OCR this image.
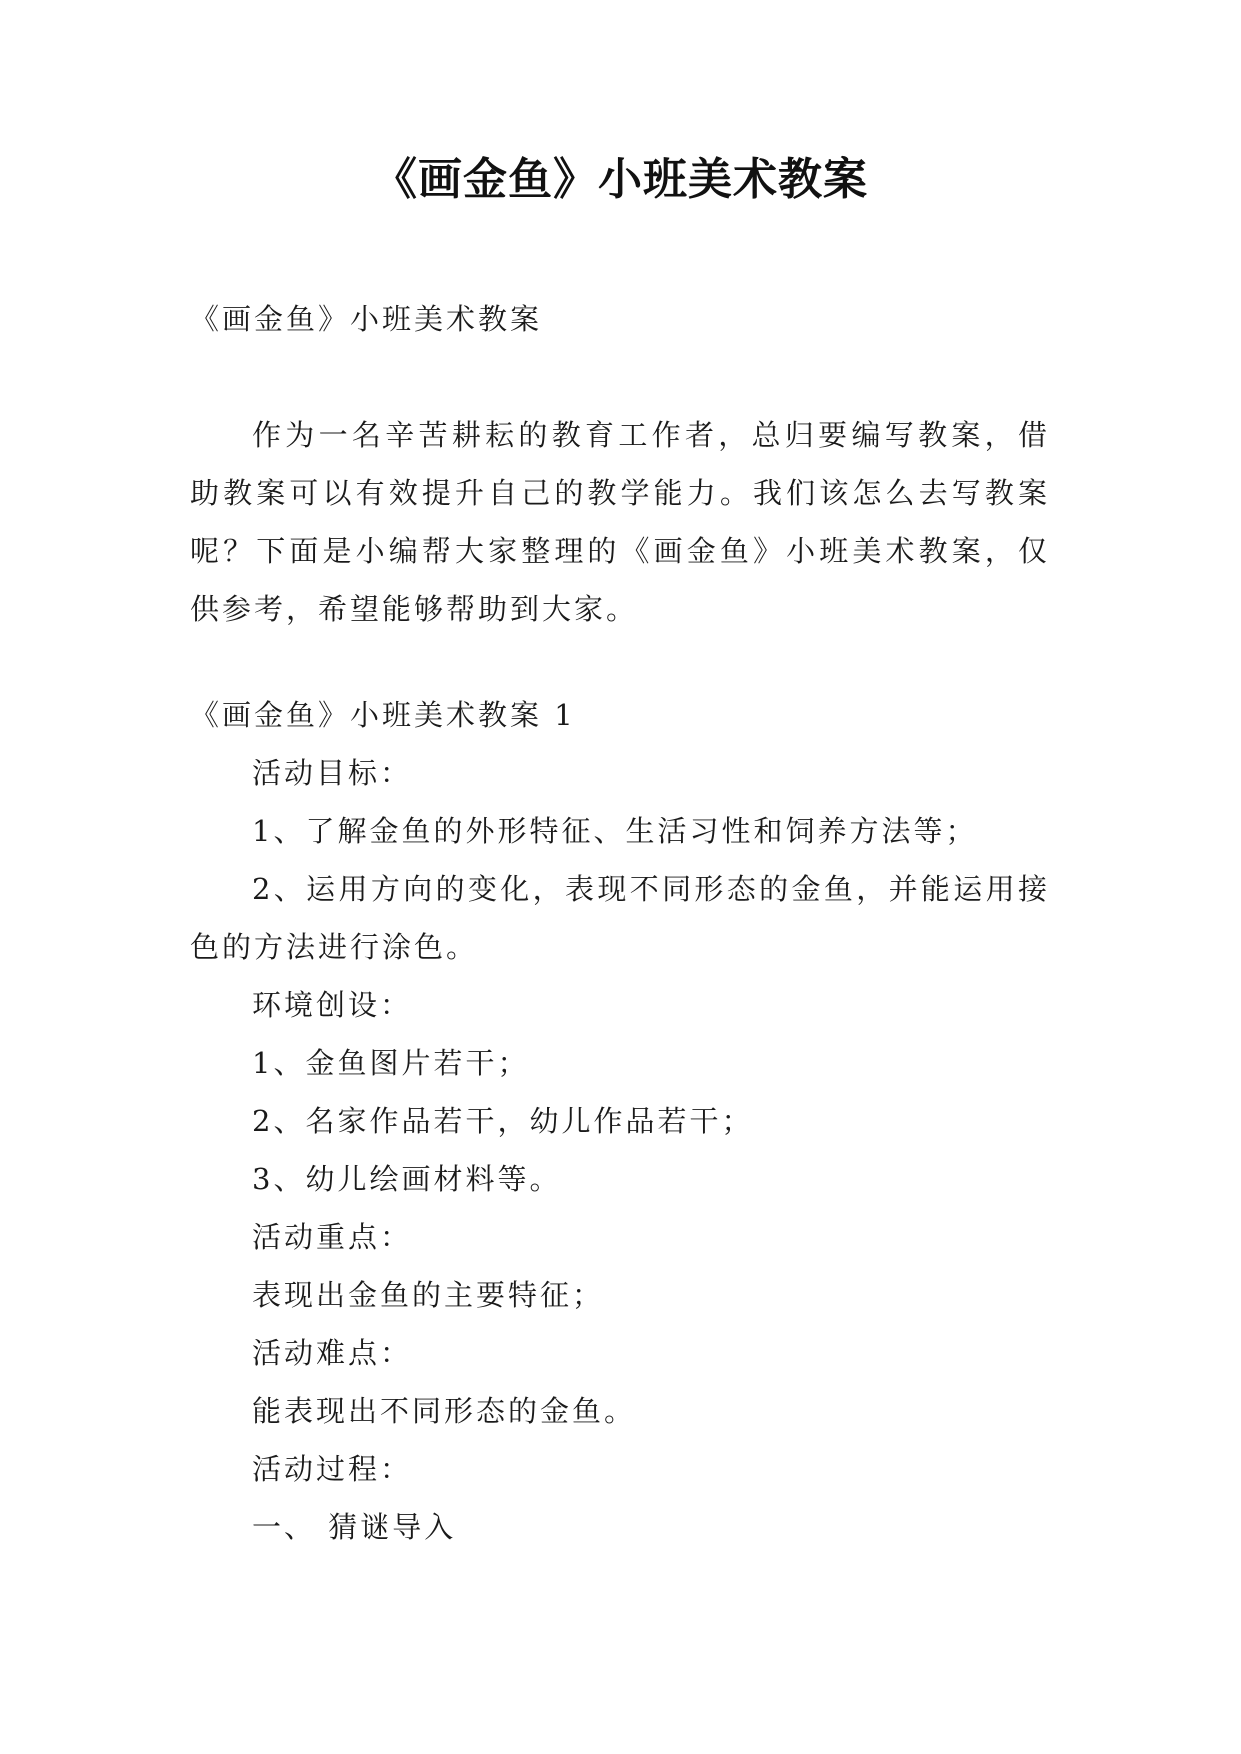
《画金鱼》小班美术教案

《画金鱼》小班美术教案

作为一名辛苦耕耘的教育工作者，总归要编写教案，借助教案可以有效提升自己的教学能力。我们该怎么去写教案呢？下面是小编帮大家整理的《画金鱼》小班美术教案，仅供参考，希望能够帮助到大家。

《画金鱼》小班美术教案 1

活动目标：

1、了解金鱼的外形特征、生活习性和饲养方法等；

2、运用方向的变化，表现不同形态的金鱼，并能运用接色的方法进行涂色。

环境创设：

1、金鱼图片若干；

2、名家作品若干，幼儿作品若干；

3、幼儿绘画材料等。

活动重点：

表现出金鱼的主要特征；

活动难点：

能表现出不同形态的金鱼。

活动过程：

一、 猜谜导入
